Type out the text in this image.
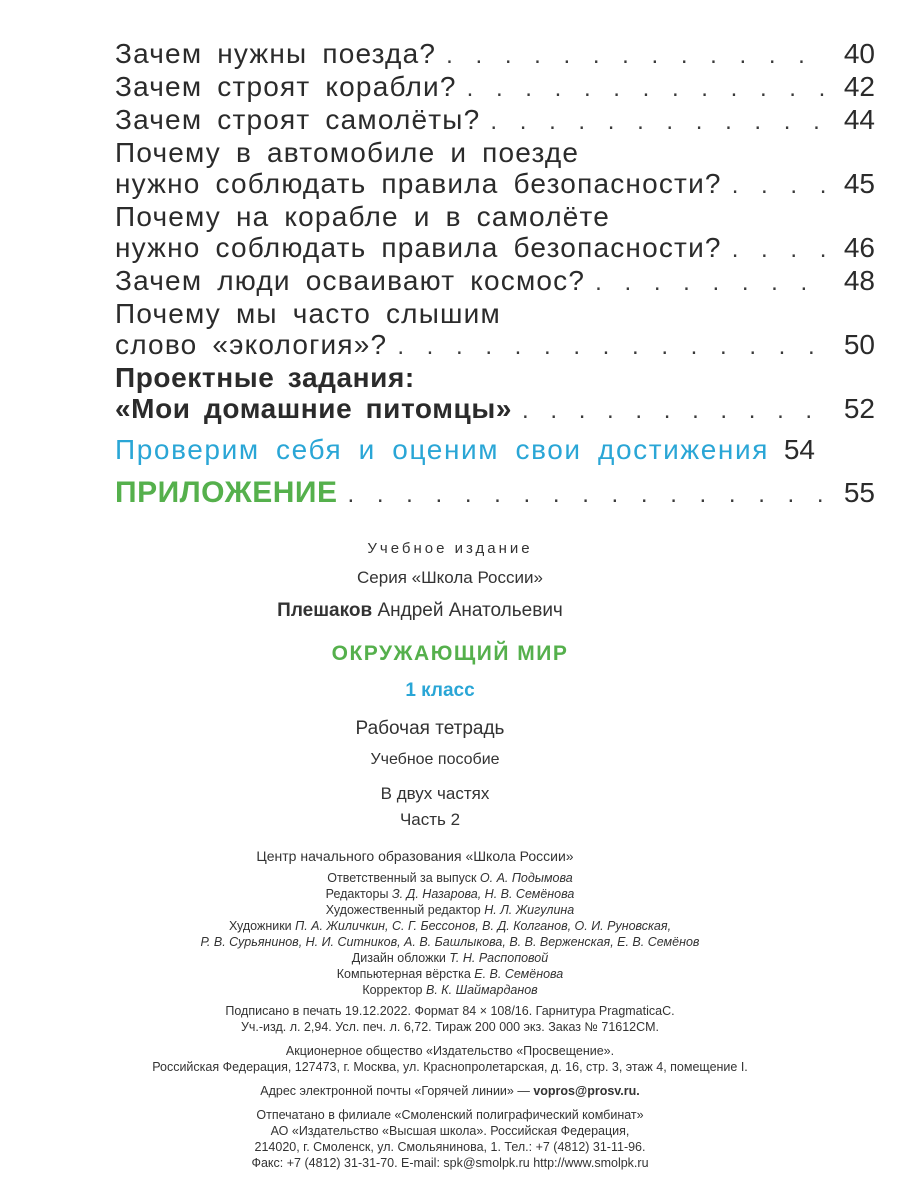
Зачем нужны поезда? . . .	40
Зачем строят корабли? . . .	42
Зачем строят самолёты? . . .	44
Почему в автомобиле и поезде
нужно соблюдать правила безопасности? . . .	45
Почему на корабле и в самолёте
нужно соблюдать правила безопасности? . . .	46
Зачем люди осваивают космос? . . .	48
Почему мы часто слышим
слово «экология»? . . .	50
Проектные задания:
«Мои домашние питомцы» . . .	52
Проверим себя и оценим свои достижения 54
ПРИЛОЖЕНИЕ . . .	55
Учебное издание
Серия «Школа России»
Плешаков Андрей Анатольевич
ОКРУЖАЮЩИЙ МИР
1 класс
Рабочая тетрадь
Учебное пособие
В двух частях
Часть 2
Центр начального образования «Школа России»
Ответственный за выпуск О. А. Подымова
Редакторы З. Д. Назарова, Н. В. Семёнова
Художественный редактор Н. Л. Жигулина
Художники П. А. Жиличкин, С. Г. Бессонов, В. Д. Колганов, О. И. Руновская,
Р. В. Сурьянинов, Н. И. Ситников, А. В. Башлыкова, В. В. Верженская, Е. В. Семёнов
Дизайн обложки Т. Н. Распоповой
Компьютерная вёрстка Е. В. Семёнова
Корректор В. К. Шаймарданов
Подписано в печать 19.12.2022. Формат 84 × 108/16. Гарнитура PragmaticaC.
Уч.-изд. л. 2,94. Усл. печ. л. 6,72. Тираж 200 000 экз. Заказ № 71612CM.
Акционерное общество «Издательство «Просвещение».
Российская Федерация, 127473, г. Москва, ул. Краснопролетарская, д. 16, стр. 3, этаж 4, помещение I.
Адрес электронной почты «Горячей линии» — vopros@prosv.ru.
Отпечатано в филиале «Смоленский полиграфический комбинат»
АО «Издательство «Высшая школа». Российская Федерация,
214020, г. Смоленск, ул. Смольянинова, 1. Тел.: +7 (4812) 31-11-96.
Факс: +7 (4812) 31-31-70. E-mail: spk@smolpk.ru http://www.smolpk.ru
